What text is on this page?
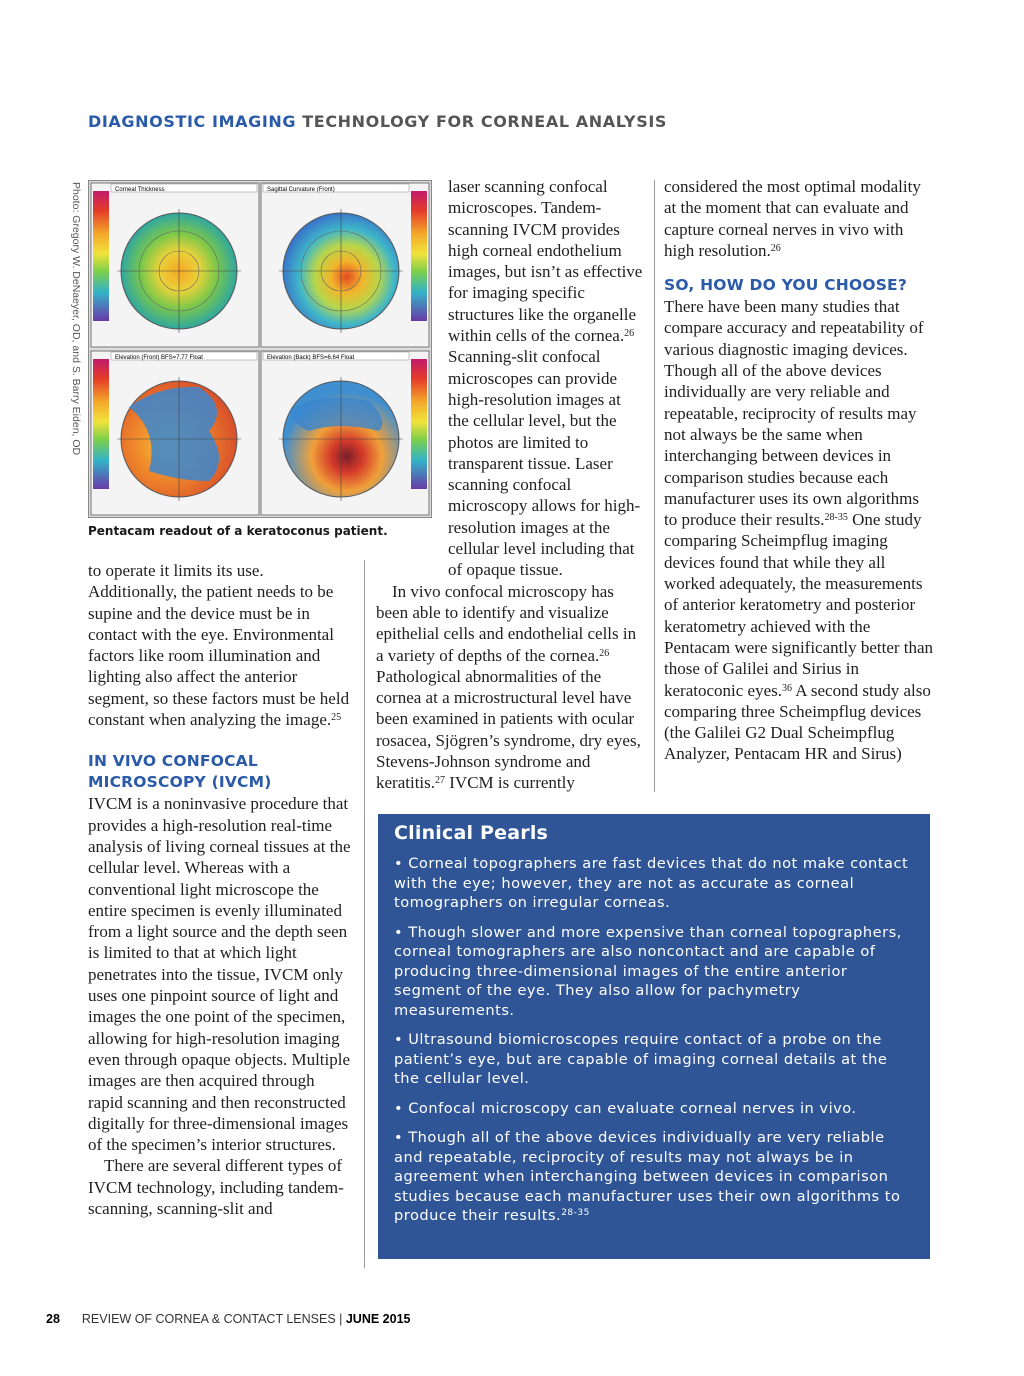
DIAGNOSTIC IMAGING TECHNOLOGY FOR CORNEAL ANALYSIS
Photo: Gregory W. DeNaeyer, OD, and S. Barry Eiden, OD	Corneal Thickness	Sagittal Curvature (Front)
Elevation (Front) BFS=7.77 Float	Elevation (Back) BFS=6.64 Float
Pentacam readout of a keratoconus patient.

laser scanning confocal microscopes. Tandem-scanning IVCM provides high corneal endothelium images, but isn’t as effective for imaging specific structures like the organelle within cells of the cornea.$^{26}$ Scanning-slit confocal microscopes can provide high-resolution images at the cellular level, but the photos are limited to transparent tissue. Laser scanning confocal microscopy allows for high-resolution images at the cellular level including that of opaque tissue.

In vivo confocal microscopy has been able to identify and visualize epithelial cells and endothelial cells in a variety of depths of the cornea.$^{26}$ Pathological abnormalities of the cornea at a microstructural level have been examined in patients with ocular rosacea, Sjögren’s syndrome, dry eyes, Stevens-Johnson syndrome and keratitis.$^{27}$ IVCM is currently

to operate it limits its use. Additionally, the patient needs to be supine and the device must be in contact with the eye. Environmental factors like room illumination and lighting also affect the anterior segment, so these factors must be held constant when analyzing the image.$^{25}$

IN VIVO CONFOCAL MICROSCOPY (IVCM)

IVCM is a noninvasive procedure that provides a high-resolution real-time analysis of living corneal tissues at the cellular level. Whereas with a conventional light microscope the entire specimen is evenly illuminated from a light source and the depth seen is limited to that at which light penetrates into the tissue, IVCM only uses one pinpoint source of light and images the one point of the specimen, allowing for high-resolution imaging even through opaque objects. Multiple images are then acquired through rapid scanning and then reconstructed digitally for three-dimensional images of the specimen’s interior structures.

There are several different types of IVCM technology, including tandem-scanning, scanning-slit and

considered the most optimal modality at the moment that can evaluate and capture corneal nerves in vivo with high resolution.$^{26}$

SO, HOW DO YOU CHOOSE?

There have been many studies that compare accuracy and repeatability of various diagnostic imaging devices. Though all of the above devices individually are very reliable and repeatable, reciprocity of results may not always be the same when interchanging between devices in comparison studies because each manufacturer uses its own algorithms to produce their results.$^{28-35}$ One study comparing Scheimpflug imaging devices found that while they all worked adequately, the measurements of anterior keratometry and posterior keratometry achieved with the Pentacam were significantly better than those of Galilei and Sirius in keratoconic eyes.$^{36}$ A second study also comparing three Scheimpflug devices (the Galilei G2 Dual Scheimpflug Analyzer, Pentacam HR and Sirus)

Clinical Pearls

• Corneal topographers are fast devices that do not make contact with the eye; however, they are not as accurate as corneal tomographers on irregular corneas.

• Though slower and more expensive than corneal topographers, corneal tomographers are also noncontact and are capable of producing three-dimensional images of the entire anterior segment of the eye. They also allow for pachymetry measurements.

• Ultrasound biomicroscopes require contact of a probe on the patient’s eye, but are capable of imaging corneal details at the the cellular level.

• Confocal microscopy can evaluate corneal nerves in vivo.

• Though all of the above devices individually are very reliable and repeatable, reciprocity of results may not always be in agreement when interchanging between devices in comparison studies because each manufacturer uses their own algorithms to produce their results.$^{28-35}$

28 REVIEW OF CORNEA & CONTACT LENSES | JUNE 2015
